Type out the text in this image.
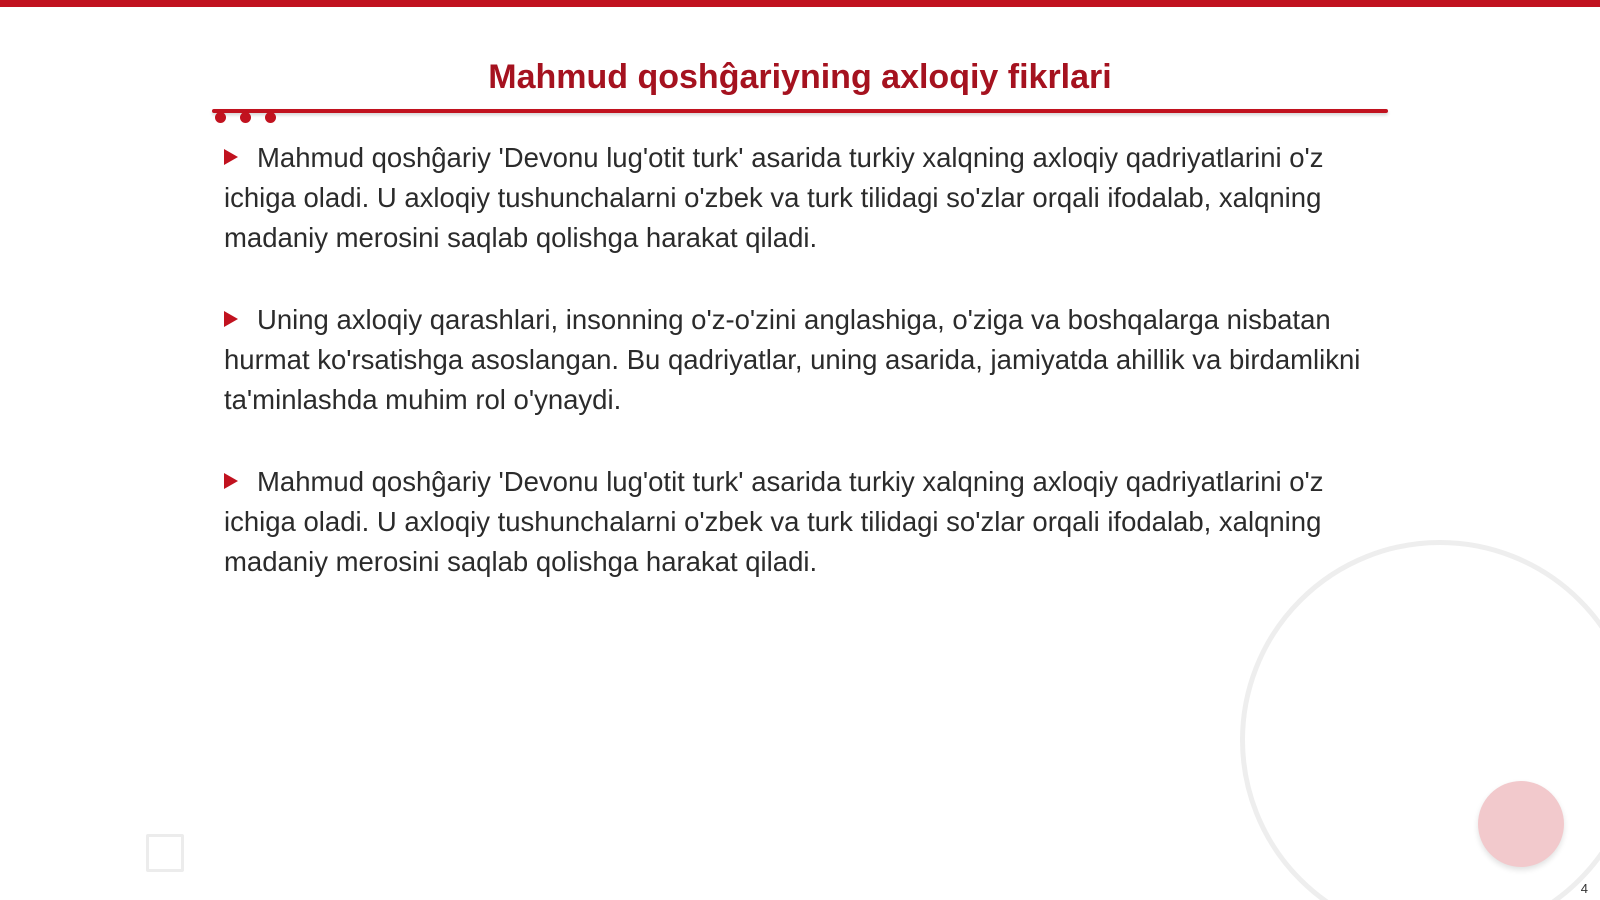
Mahmud qoshĝariyning axloqiy fikrlari

Mahmud qoshĝariy 'Devonu lug'otit turk' asarida turkiy xalqning axloqiy qadriyatlarini o'z ichiga oladi. U axloqiy tushunchalarni o'zbek va turk tilidagi so'zlar orqali ifodalab, xalqning madaniy merosini saqlab qolishga harakat qiladi.

Uning axloqiy qarashlari, insonning o'z-o'zini anglashiga, o'ziga va boshqalarga nisbatan hurmat ko'rsatishga asoslangan. Bu qadriyatlar, uning asarida, jamiyatda ahillik va birdamlikni ta'minlashda muhim rol o'ynaydi.

Mahmud qoshĝariy 'Devonu lug'otit turk' asarida turkiy xalqning axloqiy qadriyatlarini o'z ichiga oladi. U axloqiy tushunchalarni o'zbek va turk tilidagi so'zlar orqali ifodalab, xalqning madaniy merosini saqlab qolishga harakat qiladi.

4
